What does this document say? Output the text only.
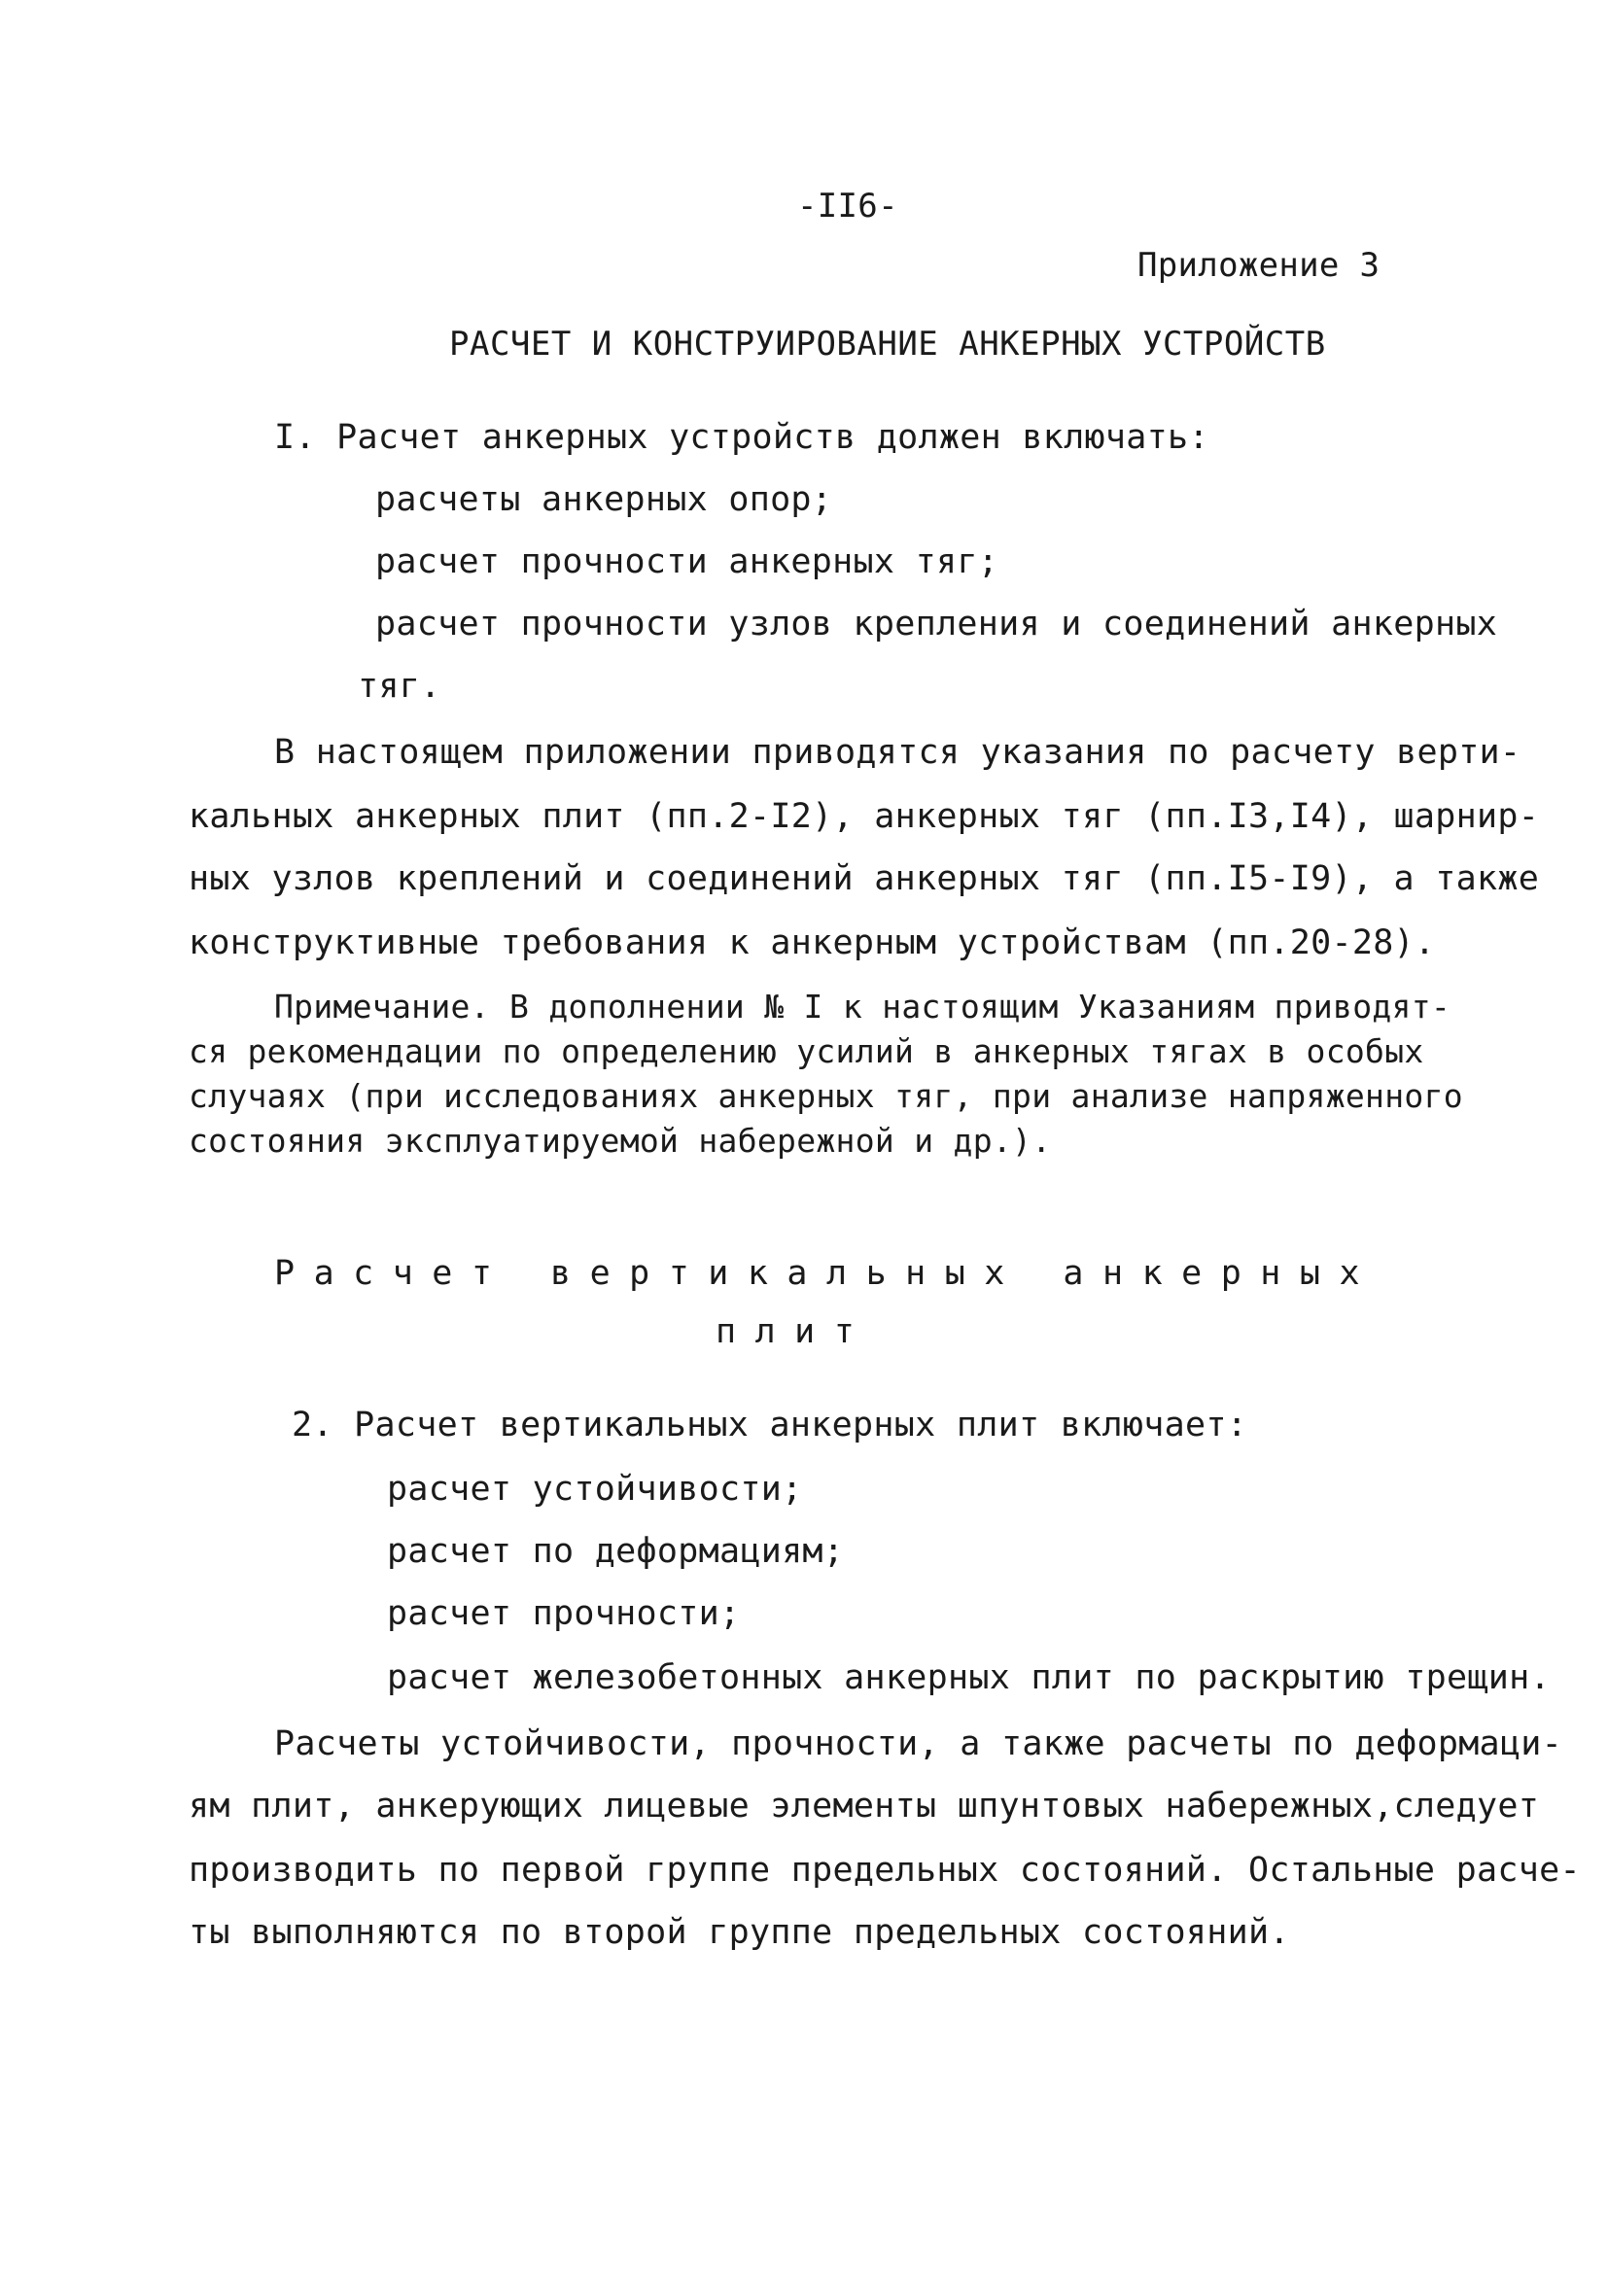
-II6-
Приложение 3
РАСЧЕТ И КОНСТРУИРОВАНИЕ АНКЕРНЫХ УСТРОЙСТВ
I. Расчет анкерных устройств должен включать:
расчеты анкерных опор;
расчет прочности анкерных тяг;
расчет прочности узлов крепления и соединений анкерных
тяг.
В настоящем приложении приводятся указания по расчету верти-
кальных анкерных плит (пп.2-I2), анкерных тяг (пп.I3,I4), шарнир-
ных узлов креплений и соединений анкерных тяг (пп.I5-I9), а также
конструктивные требования к анкерным устройствам (пп.20-28).
Примечание. В дополнении № I к настоящим Указаниям приводят-
ся рекомендации по определению усилий в анкерных тягах в особых
случаях (при исследованиях анкерных тяг, при анализе напряженного
состояния эксплуатируемой набережной и др.).
Расчет вертикальных анкерных
плит
2. Расчет вертикальных анкерных плит включает:
расчет устойчивости;
расчет по деформациям;
расчет прочности;
расчет железобетонных анкерных плит по раскрытию трещин.
Расчеты устойчивости, прочности, а также расчеты по деформаци-
ям плит, анкерующих лицевые элементы шпунтовых набережных,следует
производить по первой группе предельных состояний. Остальные расче-
ты выполняются по второй группе предельных состояний.
